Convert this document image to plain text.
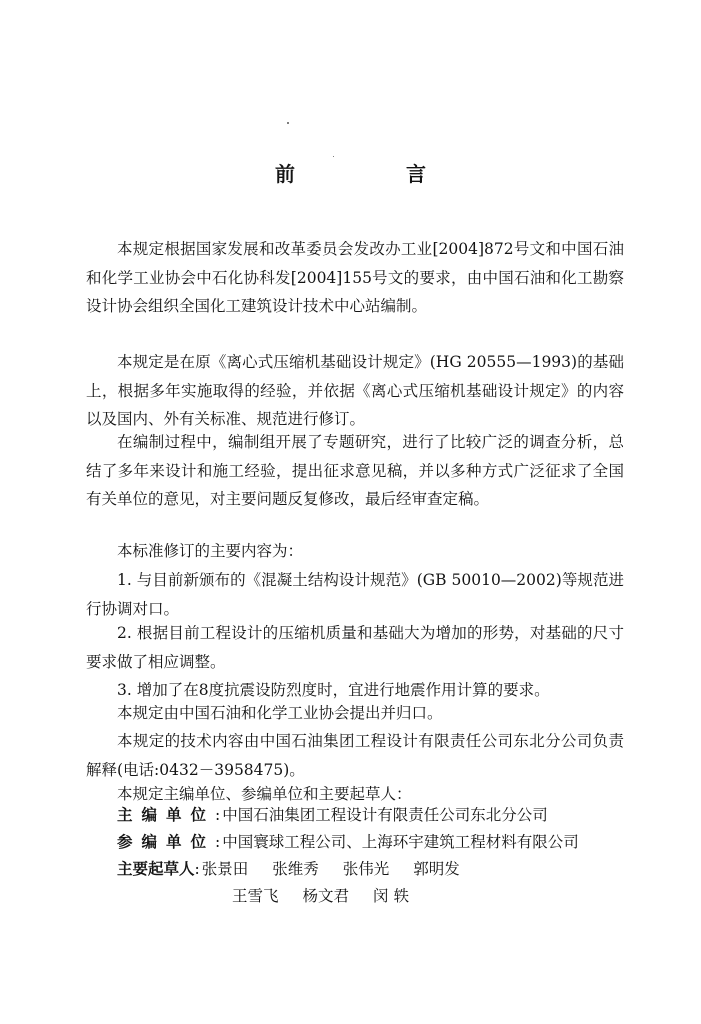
前 言

本规定根据国家发展和改革委员会发改办工业[2004]872号文和中国石油和化学工业协会中石化协科发[2004]155号文的要求，由中国石油和化工勘察设计协会组织全国化工建筑设计技术中心站编制。

本规定是在原《离心式压缩机基础设计规定》(HG 20555—1993)的基础上，根据多年实施取得的经验，并依据《离心式压缩机基础设计规定》的内容以及国内、外有关标准、规范进行修订。

在编制过程中，编制组开展了专题研究，进行了比较广泛的调查分析，总结了多年来设计和施工经验，提出征求意见稿，并以多种方式广泛征求了全国有关单位的意见，对主要问题反复修改，最后经审查定稿。

本标准修订的主要内容为：

1. 与目前新颁布的《混凝土结构设计规范》(GB 50010—2002)等规范进行协调对口。

2. 根据目前工程设计的压缩机质量和基础大为增加的形势，对基础的尺寸要求做了相应调整。

3. 增加了在8度抗震设防烈度时，宜进行地震作用计算的要求。

本规定由中国石油和化学工业协会提出并归口。

本规定的技术内容由中国石油集团工程设计有限责任公司东北分公司负责解释(电话:0432－3958475)。

本规定主编单位、参编单位和主要起草人：

主编单位: 中国石油集团工程设计有限责任公司东北分公司
参编单位: 中国寰球工程公司、上海环宇建筑工程材料有限公司
主要起草人: 张景田 张维秀 张伟光 郭明发
王雪飞 杨文君 闵 轶
